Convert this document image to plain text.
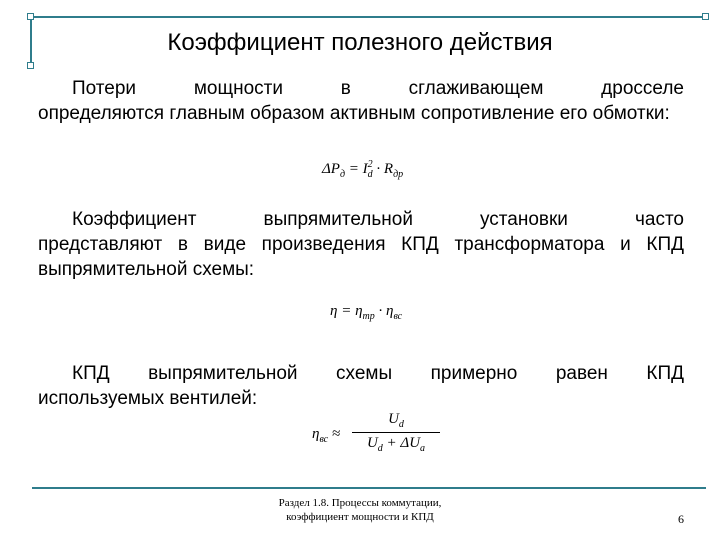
Коэффициент полезного действия
Потери мощности в сглаживающем дросселе
определяются главным образом активным сопротивление его обмотки:
$\Delta P_д = I^2_d \cdot R_{дp}$
Коэффициент выпрямительной установки часто
представляют в виде произведения КПД трансформатора и КПД выпрямительной схемы:
$\eta = \eta_{mp} \cdot \eta_{вс}$
КПД выпрямительной схемы примерно равен КПД
используемых вентилей:
$\eta_{вс}$ ≈
$U_d$
$U_d + \Delta U_a$
Раздел 1.8. Процессы коммутации,
коэффициент мощности и КПД	6
